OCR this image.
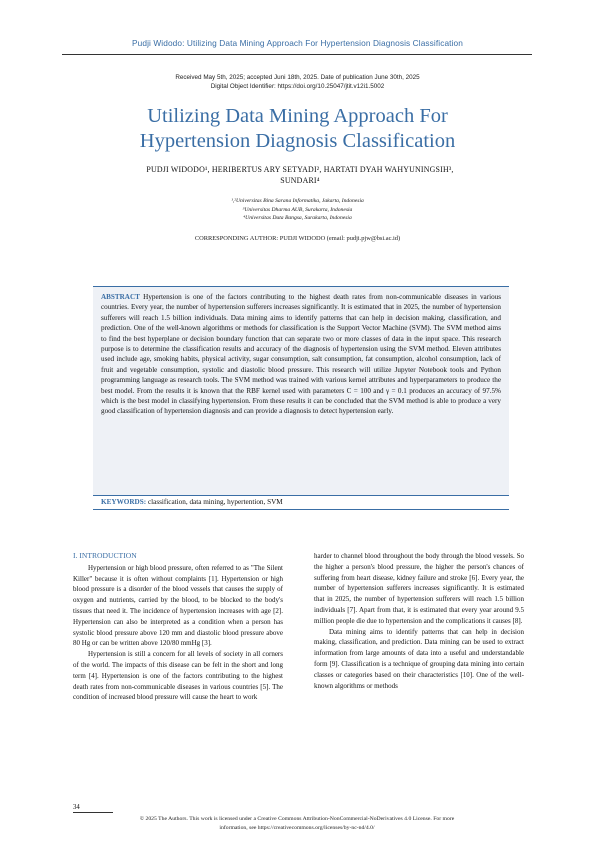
Pudji Widodo: Utilizing Data Mining Approach For Hypertension Diagnosis Classification
Received May 5th, 2025; accepted Juni 18th, 2025. Date of publication June 30th, 2025
Digital Object Identifier: https://doi.org/10.25047/jtit.v12i1.5002
Utilizing Data Mining Approach For
Hypertension Diagnosis Classification
PUDJI WIDODO¹, HERIBERTUS ARY SETYADI², HARTATI DYAH WAHYUNINGSIH³,
SUNDARI⁴
¹,²Universitas Bina Sarana Informatika, Jakarta, Indonesia
³Universitas Dharma AUB, Surakarta, Indonesia
⁴Universitas Duta Bangsa, Surakarta, Indonesia
CORRESPONDING AUTHOR: PUDJI WIDODO (email: pudji.pjw@bsi.ac.id)
ABSTRACT Hypertension is one of the factors contributing to the highest death rates from non-communicable diseases in various countries. Every year, the number of hypertension sufferers increases significantly. It is estimated that in 2025, the number of hypertension sufferers will reach 1.5 billion individuals. Data mining aims to identify patterns that can help in decision making, classification, and prediction. One of the well-known algorithms or methods for classification is the Support Vector Machine (SVM). The SVM method aims to find the best hyperplane or decision boundary function that can separate two or more classes of data in the input space. This research purpose is to determine the classification results and accuracy of the diagnosis of hypertension using the SVM method. Eleven attributes used include age, smoking habits, physical activity, sugar consumption, salt consumption, fat consumption, alcohol consumption, lack of fruit and vegetable consumption, systolic and diastolic blood pressure. This research will utilize Jupyter Notebook tools and Python programming language as research tools. The SVM method was trained with various kernel attributes and hyperparameters to produce the best model. From the results it is known that the RBF kernel used with parameters C = 100 and γ = 0.1 produces an accuracy of 97.5% which is the best model in classifying hypertension. From these results it can be concluded that the SVM method is able to produce a very good classification of hypertension diagnosis and can provide a diagnosis to detect hypertension early.
KEYWORDS: classification, data mining, hypertention, SVM
I. INTRODUCTION

Hypertension or high blood pressure, often referred to as "The Silent Killer" because it is often without complaints [1]. Hypertension or high blood pressure is a disorder of the blood vessels that causes the supply of oxygen and nutrients, carried by the blood, to be blocked to the body's tissues that need it. The incidence of hypertension increases with age [2]. Hypertension can also be interpreted as a condition when a person has systolic blood pressure above 120 mm and diastolic blood pressure above 80 Hg or can be written above 120/80 mmHg [3].

Hypertension is still a concern for all levels of society in all corners of the world. The impacts of this disease can be felt in the short and long term [4]. Hypertension is one of the factors contributing to the highest death rates from non-communicable diseases in various countries [5]. The condition of increased blood pressure will cause the heart to work

harder to channel blood throughout the body through the blood vessels. So the higher a person's blood pressure, the higher the person's chances of suffering from heart disease, kidney failure and stroke [6]. Every year, the number of hypertension sufferers increases significantly. It is estimated that in 2025, the number of hypertension sufferers will reach 1.5 billion individuals [7]. Apart from that, it is estimated that every year around 9.5 million people die due to hypertension and the complications it causes [8].

Data mining aims to identify patterns that can help in decision making, classification, and prediction. Data mining can be used to extract information from large amounts of data into a useful and understandable form [9]. Classification is a technique of grouping data mining into certain classes or categories based on their characteristics [10]. One of the well-known algorithms or methods

34
© 2025 The Authors. This work is licensed under a Creative Commons Attribution-NonCommercial-NoDerivatives 4.0 License. For more
information, see https://creativecommons.org/licenses/by-nc-nd/4.0/
